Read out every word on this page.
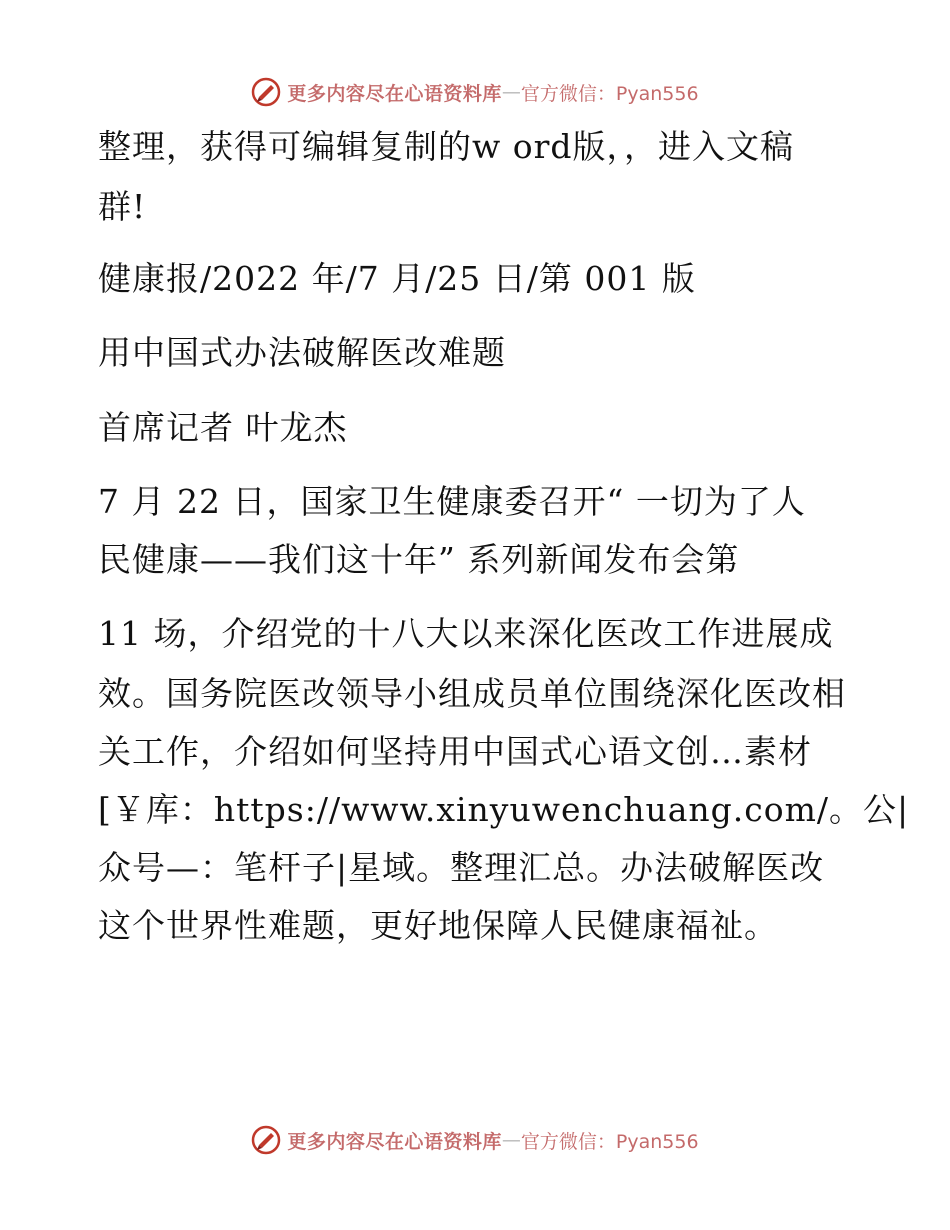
更多内容尽在心语资料库 — 官方微信：Pyan556
整理，获得可编辑复制的w ord版，，进入文稿
群!
健康报/2022 年/7 月/25 日/第 001 版
用中国式办法破解医改难题
首席记者 叶龙杰
7 月 22 日，国家卫生健康委召开“ 一切为了人
民健康——我们这十年” 系列新闻发布会第
11 场，介绍党的十八大以来深化医改工作进展成
效。国务院医改领导小组成员单位围绕深化医改相
关工作，介绍如何坚持用中国式心语文创…素材
[￥库：https://www.xinyuwenchuang.com/。公|
众号—：笔杆子|星域。整理汇总。办法破解医改
这个世界性难题，更好地保障人民健康福祉。
更多内容尽在心语资料库 — 官方微信：Pyan556
